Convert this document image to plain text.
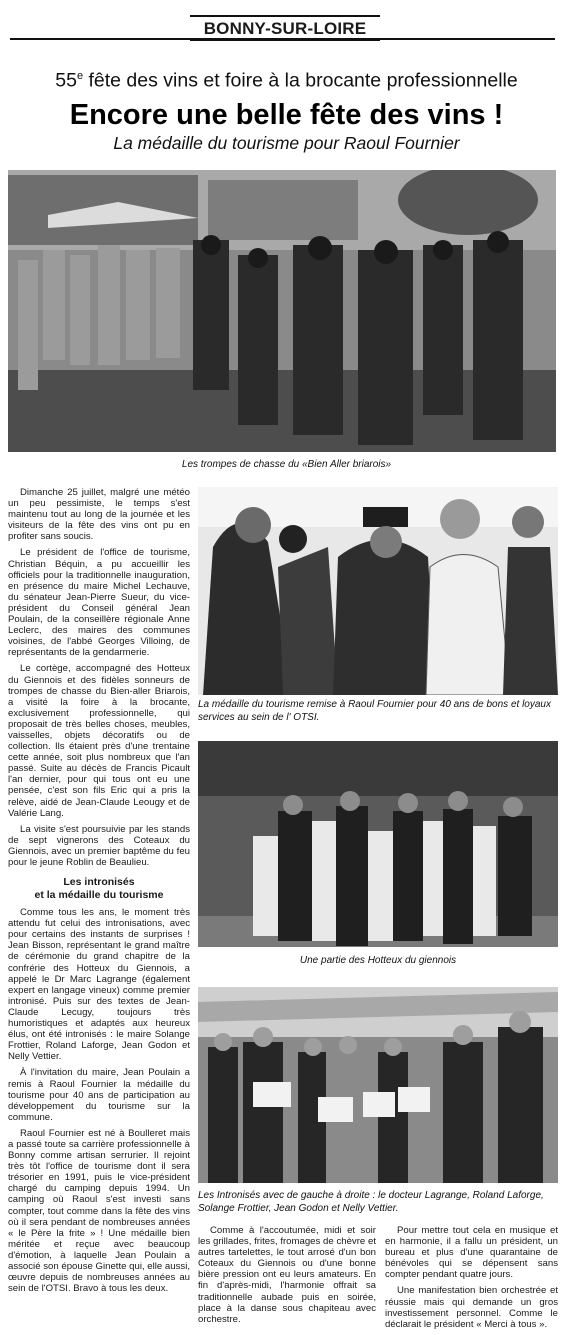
BONNY-SUR-LOIRE
55e fête des vins et foire à la brocante professionnelle
Encore une belle fête des vins !
La médaille du tourisme pour Raoul Fournier
Les trompes de chasse du «Bien Aller briarois»
La médaille du tourisme remise à Raoul Fournier pour 40 ans de bons et loyaux services au sein de l' OTSI.
Une partie des Hotteux du giennois
Les Intronisés avec de gauche à droite : le docteur Lagrange, Roland Laforge, Solange Frottier, Jean Godon et Nelly Vettier.

Dimanche 25 juillet, malgré une météo un peu pessimiste, le temps s'est maintenu tout au long de la journée et les visiteurs de la fête des vins ont pu en profiter sans soucis.

Le président de l'office de tourisme, Christian Béquin, a pu accueillir les officiels pour la traditionnelle inauguration, en présence du maire Michel Lechauve, du sénateur Jean-Pierre Sueur, du vice-président du Conseil général Jean Poulain, de la conseillère régionale Anne Leclerc, des maires des communes voisines, de l'abbé Georges Villoing, de représentants de la gendarmerie.

Le cortège, accompagné des Hotteux du Giennois et des fidèles sonneurs de trompes de chasse du Bien-aller Briarois, a visité la foire à la brocante, exclusivement professionnelle, qui proposait de très belles choses, meubles, vaisselles, objets décoratifs ou de collection. Ils étaient près d'une trentaine cette année, soit plus nombreux que l'an passé. Suite au décès de Francis Picault l'an dernier, pour qui tous ont eu une pensée, c'est son fils Eric qui a pris la relève, aidé de Jean-Claude Leougy et de Valérie Lang.

La visite s'est poursuivie par les stands de sept vignerons des Coteaux du Giennois, avec un premier baptême du feu pour le jeune Roblin de Beaulieu.

Les intronisés
et la médaille du tourisme

Comme tous les ans, le moment très attendu fut celui des intronisations, avec pour certains des instants de surprises ! Jean Bisson, représentant le grand maître de cérémonie du grand chapitre de la confrérie des Hotteux du Giennois, a appelé le Dr Marc Lagrange (également expert en langage vineux) comme premier intronisé. Puis sur des textes de Jean-Claude Lecugy, toujours très humoristiques et adaptés aux heureux élus, ont été intronisés : le maire Solange Frottier, Roland Laforge, Jean Godon et Nelly Vettier.

À l'invitation du maire, Jean Poulain a remis à Raoul Fournier la médaille du tourisme pour 40 ans de participation au développement du tourisme sur la commune.

Raoul Fournier est né à Boulleret mais a passé toute sa carrière professionnelle à Bonny comme artisan serrurier. Il rejoint très tôt l'office de tourisme dont il sera trésorier en 1991, puis le vice-président chargé du camping depuis 1994. Un camping où Raoul s'est investi sans compter, tout comme dans la fête des vins où il sera pendant de nombreuses années « le Père la frite » ! Une médaille bien méritée et reçue avec beaucoup d'émotion, à laquelle Jean Poulain a associé son épouse Ginette qui, elle aussi, œuvre depuis de nombreuses années au sein de l'OTSI. Bravo à tous les deux.

Comme à l'accoutumée, midi et soir les grillades, frites, fromages de chèvre et autres tartelettes, le tout arrosé d'un bon Coteaux du Giennois ou d'une bonne bière pression ont eu leurs amateurs. En fin d'après-midi, l'harmonie offrait sa traditionnelle aubade puis en soirée, place à la danse sous chapiteau avec orchestre.

Pour mettre tout cela en musique et en harmonie, il a fallu un président, un bureau et plus d'une quarantaine de bénévoles qui se dépensent sans compter pendant quatre jours.

Une manifestation bien orchestrée et réussie mais qui demande un gros investissement personnel. Comme le déclarait le président « Merci à tous ».
